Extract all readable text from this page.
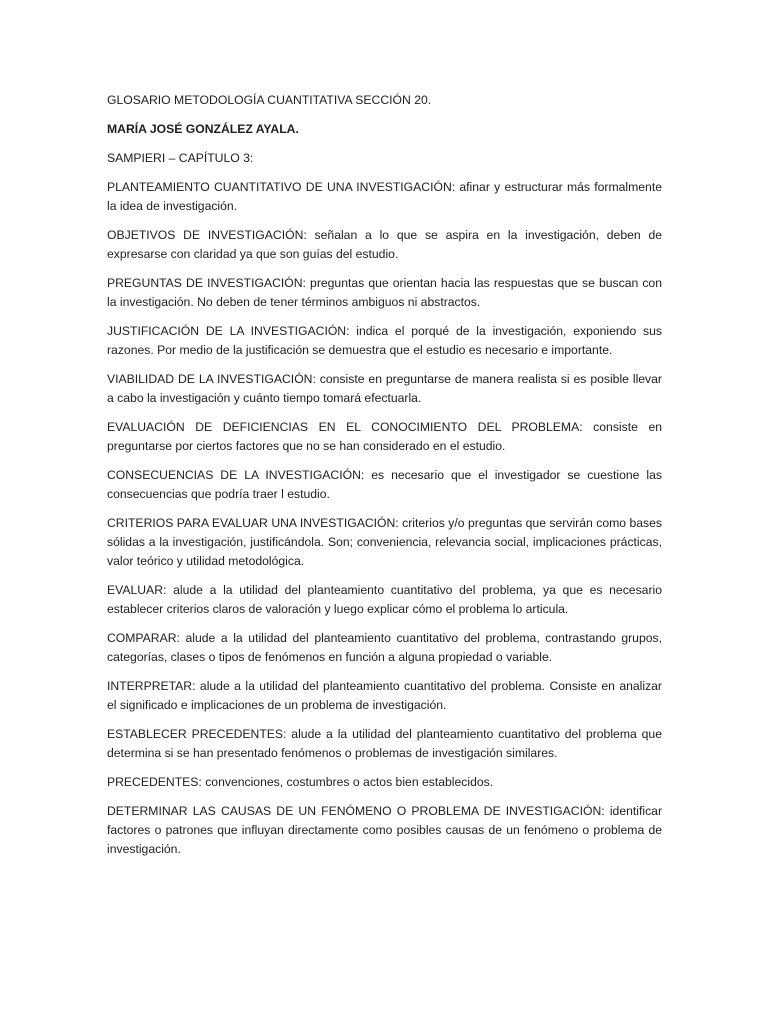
GLOSARIO METODOLOGÍA CUANTITATIVA SECCIÓN 20.

MARÍA JOSÉ GONZÁLEZ AYALA.

SAMPIERI – CAPÍTULO 3:

PLANTEAMIENTO CUANTITATIVO DE UNA INVESTIGACIÓN: afinar y estructurar más formalmente la idea de investigación.

OBJETIVOS DE INVESTIGACIÓN: señalan a lo que se aspira en la investigación, deben de expresarse con claridad ya que son guías del estudio.

PREGUNTAS DE INVESTIGACIÓN: preguntas que orientan hacia las respuestas que se buscan con la investigación. No deben de tener términos ambiguos ni abstractos.

JUSTIFICACIÓN DE LA INVESTIGACIÓN: indica el porqué de la investigación, exponiendo sus razones. Por medio de la justificación se demuestra que el estudio es necesario e importante.

VIABILIDAD DE LA INVESTIGACIÓN: consiste en preguntarse de manera realista si es posible llevar a cabo la investigación y cuánto tiempo tomará efectuarla.

EVALUACIÓN DE DEFICIENCIAS EN EL CONOCIMIENTO DEL PROBLEMA: consiste en preguntarse por ciertos factores que no se han considerado en el estudio.

CONSECUENCIAS DE LA INVESTIGACIÓN: es necesario que el investigador se cuestione las consecuencias que podría traer l estudio.

CRITERIOS PARA EVALUAR UNA INVESTIGACIÓN: criterios y/o preguntas que servirán como bases sólidas a la investigación, justificándola. Son; conveniencia, relevancia social, implicaciones prácticas, valor teórico y utilidad metodológica.

EVALUAR: alude a la utilidad del planteamiento cuantitativo del problema, ya que es necesario establecer criterios claros de valoración y luego explicar cómo el problema lo articula.

COMPARAR: alude a la utilidad del planteamiento cuantitativo del problema, contrastando grupos, categorías, clases o tipos de fenómenos en función a alguna propiedad o variable.

INTERPRETAR: alude a la utilidad del planteamiento cuantitativo del problema. Consiste en analizar el significado e implicaciones de un problema de investigación.

ESTABLECER PRECEDENTES: alude a la utilidad del planteamiento cuantitativo del problema que determina si se han presentado fenómenos o problemas de investigación similares.

PRECEDENTES: convenciones, costumbres o actos bien establecidos.

DETERMINAR LAS CAUSAS DE UN FENÓMENO O PROBLEMA DE INVESTIGACIÓN: identificar factores o patrones que influyan directamente como posibles causas de un fenómeno o problema de investigación.
